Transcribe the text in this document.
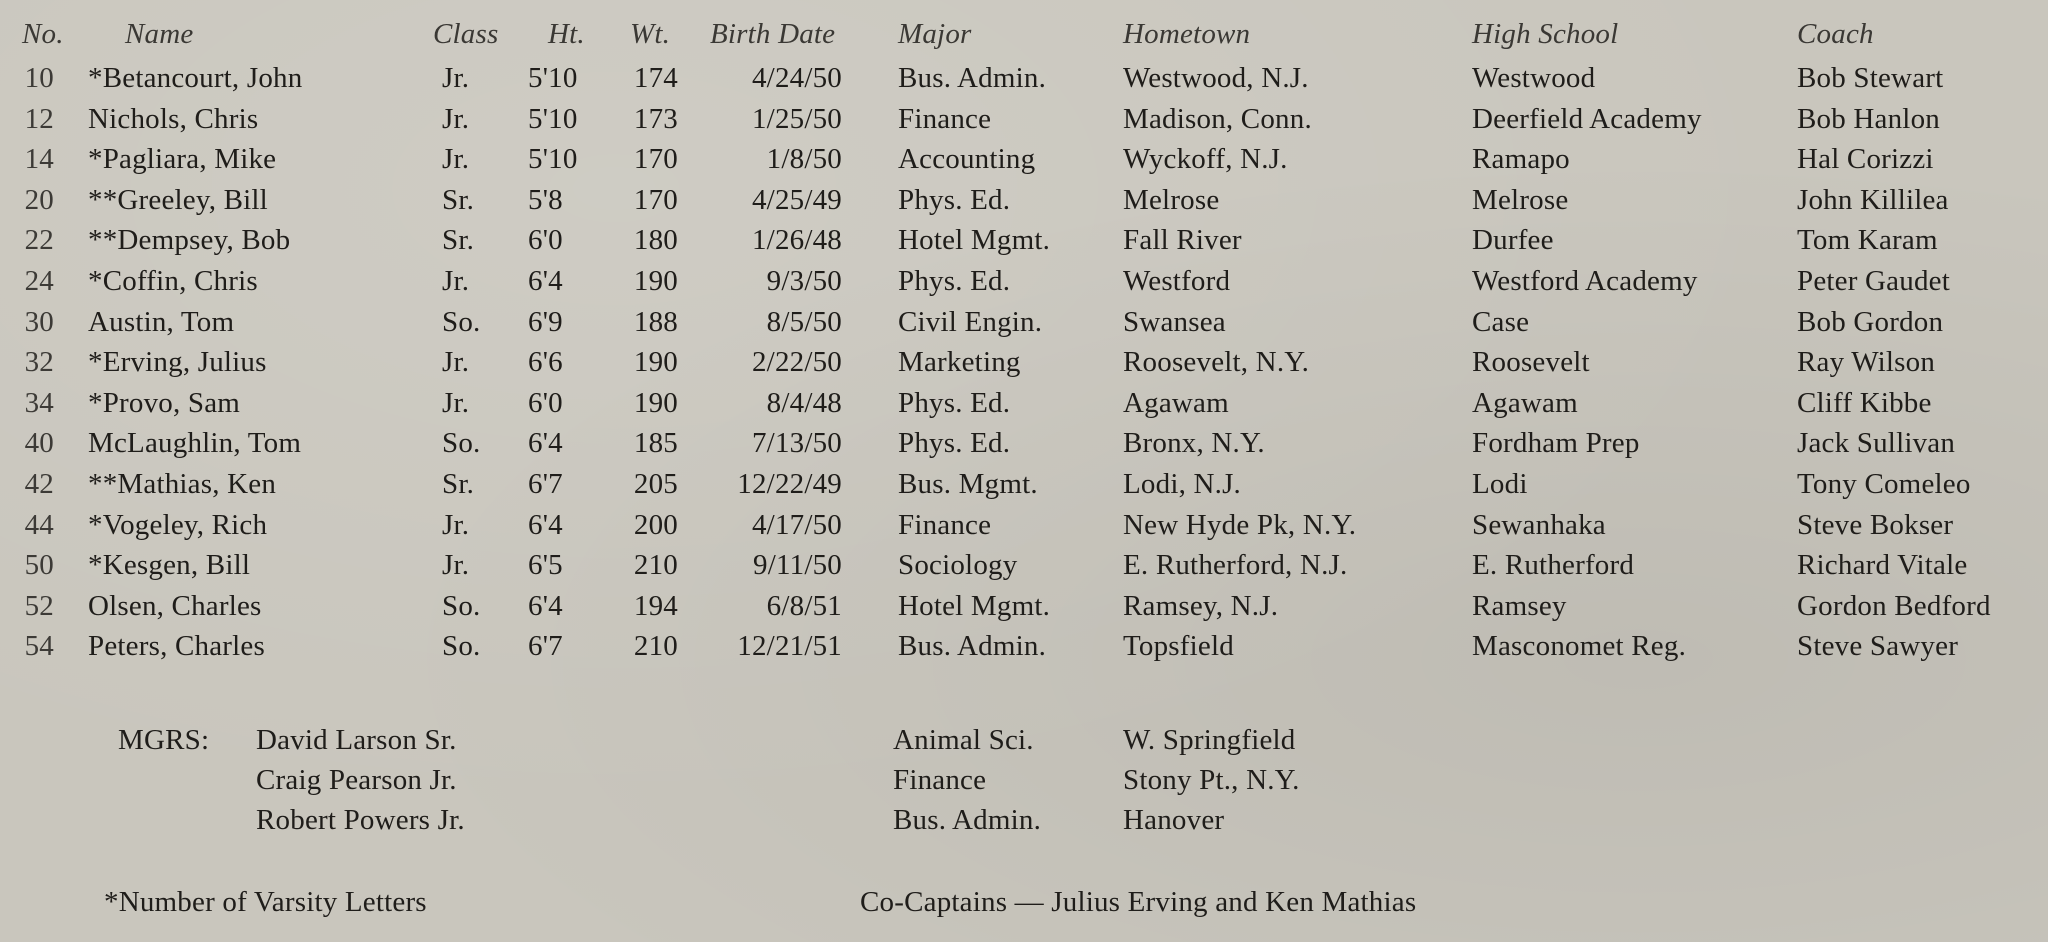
No. Name	Class Ht. Wt. Birth Date Major	Hometown	High School	Coach
10 *Betancourt, John	Jr. 5'10 174	4/24/50 Bus. Admin.	Westwood, N.J.	Westwood	Bob Stewart
12 Nichols, Chris	Jr. 5'10 173	1/25/50 Finance	Madison, Conn.	Deerfield Academy	Bob Hanlon
14 *Pagliara, Mike	Jr. 5'10 170	1/8/50 Accounting	Wyckoff, N.J.	Ramapo	Hal Corizzi
20 **Greeley, Bill	Sr. 5'8 170	4/25/49 Phys. Ed.	Melrose	Melrose	John Killilea
22 **Dempsey, Bob	Sr. 6'0 180	1/26/48 Hotel Mgmt.	Fall River	Durfee	Tom Karam
24 *Coffin, Chris	Jr. 6'4 190	9/3/50 Phys. Ed.	Westford	Westford Academy	Peter Gaudet
30 Austin, Tom	So. 6'9 188	8/5/50 Civil Engin.	Swansea	Case	Bob Gordon
32 *Erving, Julius	Jr. 6'6 190	2/22/50 Marketing	Roosevelt, N.Y.	Roosevelt	Ray Wilson
34 *Provo, Sam	Jr. 6'0 190	8/4/48 Phys. Ed.	Agawam	Agawam	Cliff Kibbe
40 McLaughlin, Tom	So. 6'4 185	7/13/50 Phys. Ed.	Bronx, N.Y.	Fordham Prep	Jack Sullivan
42 **Mathias, Ken	Sr. 6'7 205	12/22/49 Bus. Mgmt.	Lodi, N.J.	Lodi	Tony Comeleo
44 *Vogeley, Rich	Jr. 6'4 200	4/17/50 Finance	New Hyde Pk, N.Y.	Sewanhaka	Steve Bokser
50 *Kesgen, Bill	Jr. 6'5 210	9/11/50 Sociology	E. Rutherford, N.J.	E. Rutherford	Richard Vitale
52 Olsen, Charles	So. 6'4 194	6/8/51 Hotel Mgmt.	Ramsey, N.J.	Ramsey	Gordon Bedford
54 Peters, Charles	So. 6'7 210	12/21/51 Bus. Admin.	Topsfield	Masconomet Reg.	Steve Sawyer
MGRS: David Larson Sr.	Animal Sci.	W. Springfield
Craig Pearson Jr.	Finance	Stony Pt., N.Y.
Robert Powers Jr.	Bus. Admin.	Hanover
*Number of Varsity Letters	Co-Captains — Julius Erving and Ken Mathias
